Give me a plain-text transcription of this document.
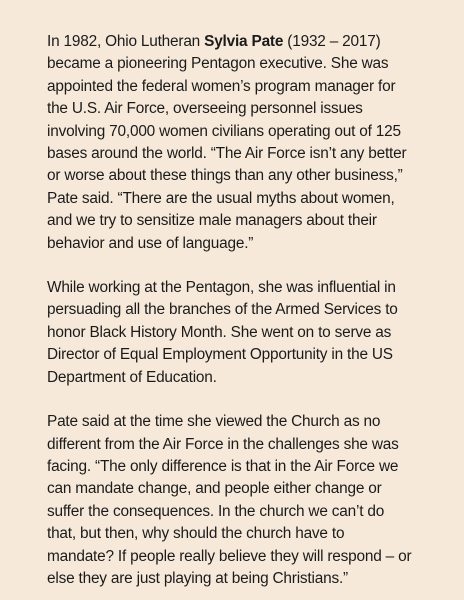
In 1982, Ohio Lutheran Sylvia Pate (1932 – 2017)
became a pioneering Pentagon executive. She was
appointed the federal women’s program manager for
the U.S. Air Force, overseeing personnel issues
involving 70,000 women civilians operating out of 125
bases around the world. “The Air Force isn’t any better
or worse about these things than any other business,”
Pate said. “There are the usual myths about women,
and we try to sensitize male managers about their
behavior and use of language.”
While working at the Pentagon, she was influential in
persuading all the branches of the Armed Services to
honor Black History Month. She went on to serve as
Director of Equal Employment Opportunity in the US
Department of Education.
Pate said at the time she viewed the Church as no
different from the Air Force in the challenges she was
facing. “The only difference is that in the Air Force we
can mandate change, and people either change or
suffer the consequences. In the church we can’t do
that, but then, why should the church have to
mandate? If people really believe they will respond – or
else they are just playing at being Christians.”
